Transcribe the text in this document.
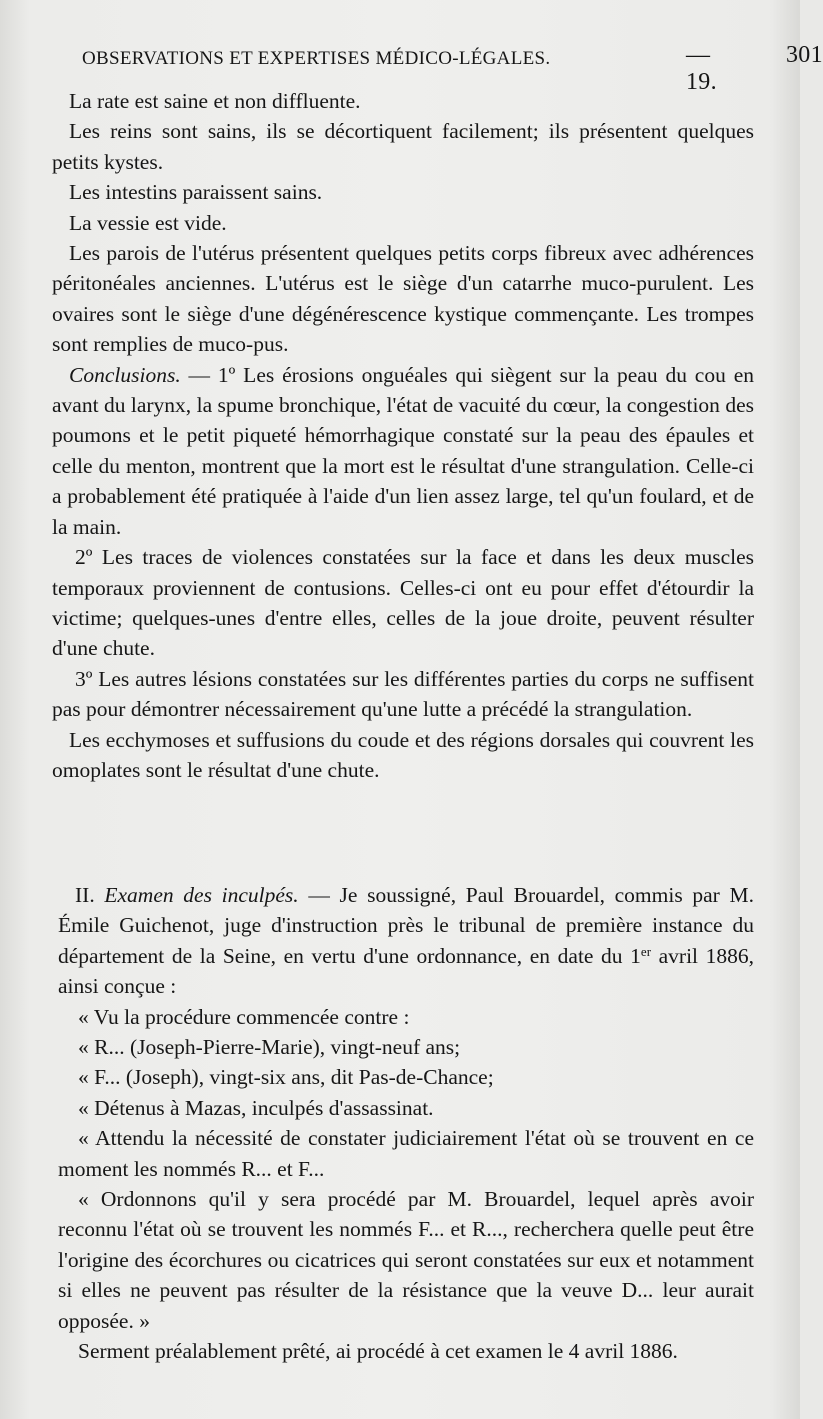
OBSERVATIONS ET EXPERTISES MÉDICO-LÉGALES.	— 19.
301

La rate est saine et non diffluente.

Les reins sont sains, ils se décortiquent facilement; ils présentent quelques petits kystes.

Les intestins paraissent sains.

La vessie est vide.

Les parois de l'utérus présentent quelques petits corps fibreux avec adhérences péritonéales anciennes. L'utérus est le siège d'un catarrhe muco-purulent. Les ovaires sont le siège d'une dégénérescence kystique commençante. Les trompes sont remplies de muco-pus.

Conclusions. — 1º Les érosions onguéales qui siègent sur la peau du cou en avant du larynx, la spume bronchique, l'état de vacuité du cœur, la congestion des poumons et le petit piqueté hémorrhagique constaté sur la peau des épaules et celle du menton, montrent que la mort est le résultat d'une strangulation. Celle-ci a probablement été pratiquée à l'aide d'un lien assez large, tel qu'un foulard, et de la main.

2º Les traces de violences constatées sur la face et dans les deux muscles temporaux proviennent de contusions. Celles-ci ont eu pour effet d'étourdir la victime; quelques-unes d'entre elles, celles de la joue droite, peuvent résulter d'une chute.

3º Les autres lésions constatées sur les différentes parties du corps ne suffisent pas pour démontrer nécessairement qu'une lutte a précédé la strangulation.

Les ecchymoses et suffusions du coude et des régions dorsales qui couvrent les omoplates sont le résultat d'une chute.

II. Examen des inculpés. — Je soussigné, Paul Brouardel, commis par M. Émile Guichenot, juge d'instruction près le tribunal de première instance du département de la Seine, en vertu d'une ordonnance, en date du 1er avril 1886, ainsi conçue :

« Vu la procédure commencée contre :

« R... (Joseph-Pierre-Marie), vingt-neuf ans;

« F... (Joseph), vingt-six ans, dit Pas-de-Chance;

« Détenus à Mazas, inculpés d'assassinat.

« Attendu la nécessité de constater judiciairement l'état où se trouvent en ce moment les nommés R... et F...

« Ordonnons qu'il y sera procédé par M. Brouardel, lequel après avoir reconnu l'état où se trouvent les nommés F... et R..., recherchera quelle peut être l'origine des écorchures ou cicatrices qui seront constatées sur eux et notamment si elles ne peuvent pas résulter de la résistance que la veuve D... leur aurait opposée. »

Serment préalablement prêté, ai procédé à cet examen le 4 avril 1886.
